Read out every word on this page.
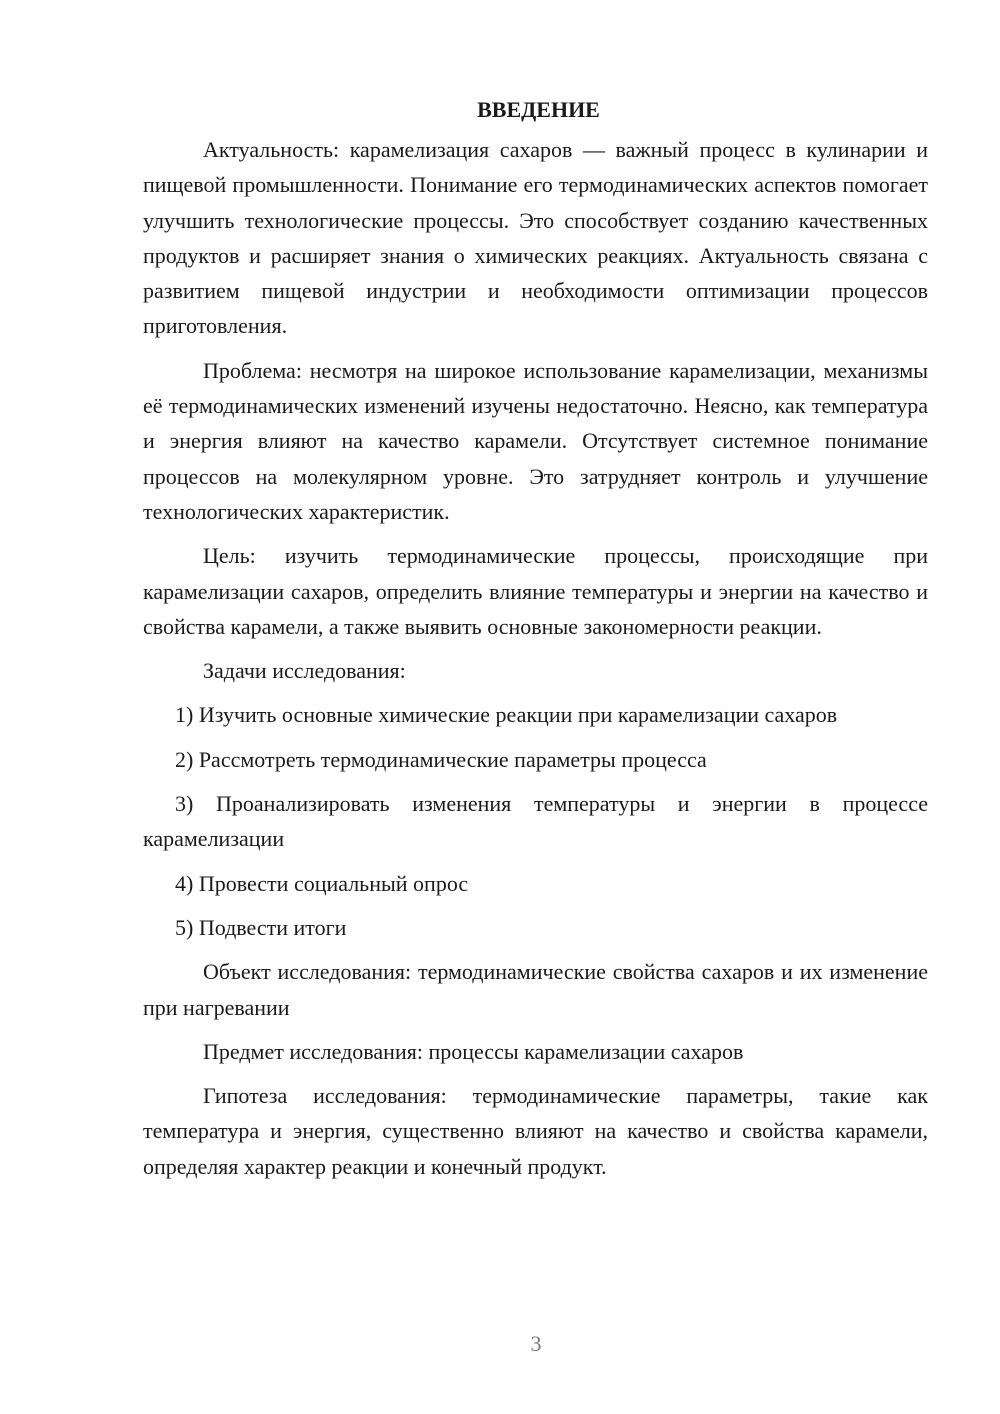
ВВЕДЕНИЕ

Актуальность: карамелизация сахаров — важный процесс в кулинарии и пищевой промышленности. Понимание его термодинамических аспектов помогает улучшить технологические процессы. Это способствует созданию качественных продуктов и расширяет знания о химических реакциях. Актуальность связана с развитием пищевой индустрии и необходимости оптимизации процессов приготовления.

Проблема: несмотря на широкое использование карамелизации, механизмы её термодинамических изменений изучены недостаточно. Неясно, как температура и энергия влияют на качество карамели. Отсутствует системное понимание процессов на молекулярном уровне. Это затрудняет контроль и улучшение технологических характеристик.

Цель: изучить термодинамические процессы, происходящие при карамелизации сахаров, определить влияние температуры и энергии на качество и свойства карамели, а также выявить основные закономерности реакции.

Задачи исследования:

1) Изучить основные химические реакции при карамелизации сахаров

2) Рассмотреть термодинамические параметры процесса

3) Проанализировать изменения температуры и энергии в процессе карамелизации

4) Провести социальный опрос

5) Подвести итоги

Объект исследования: термодинамические свойства сахаров и их изменение при нагревании

Предмет исследования: процессы карамелизации сахаров

Гипотеза исследования: термодинамические параметры, такие как температура и энергия, существенно влияют на качество и свойства карамели, определяя характер реакции и конечный продукт.

3
